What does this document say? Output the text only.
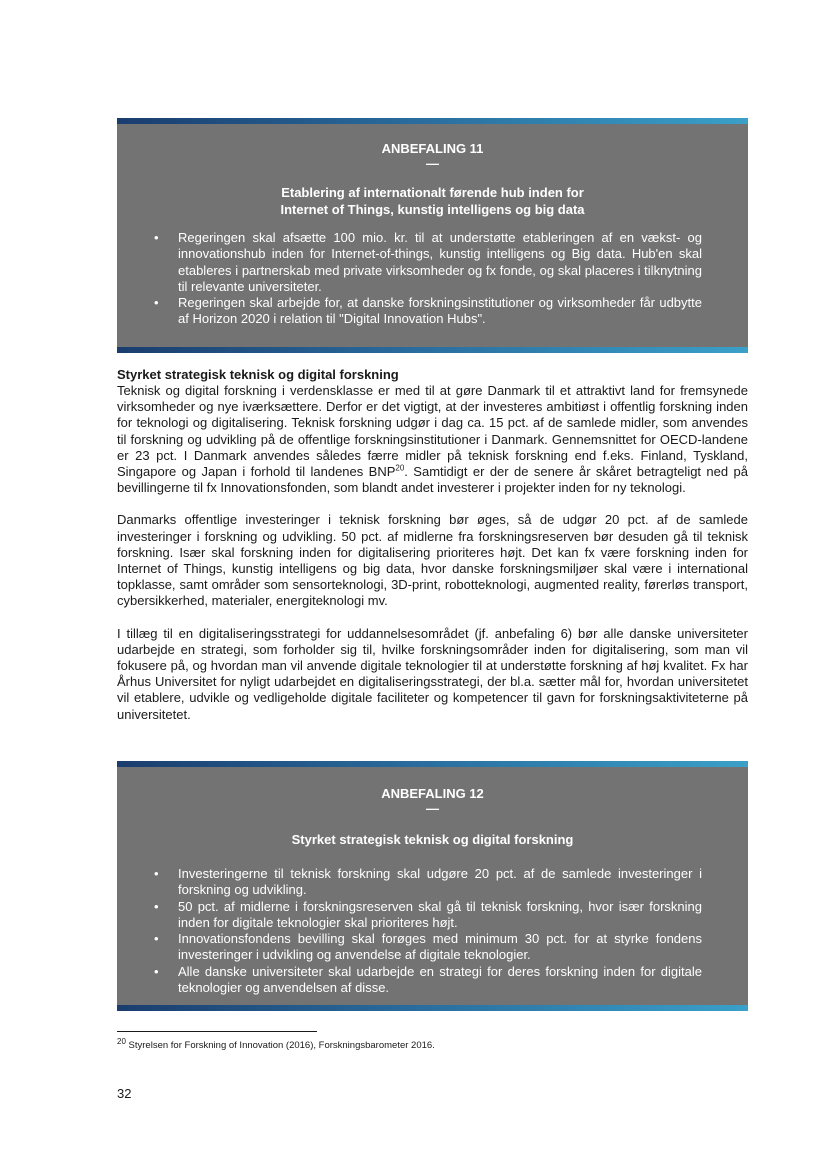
ANBEFALING 11
—
Etablering af internationalt førende hub inden for
Internet of Things, kunstig intelligens og big data
• Regeringen skal afsætte 100 mio. kr. til at understøtte etableringen af en vækst- og innovationshub inden for Internet-of-things, kunstig intelligens og Big data. Hub'en skal etableres i partnerskab med private virksomheder og fx fonde, og skal placeres i tilknytning til relevante universiteter.
• Regeringen skal arbejde for, at danske forskningsinstitutioner og virksomheder får udbytte af Horizon 2020 i relation til "Digital Innovation Hubs".
Styrket strategisk teknisk og digital forskning

Teknisk og digital forskning i verdensklasse er med til at gøre Danmark til et attraktivt land for fremsynede virksomheder og nye iværksættere. Derfor er det vigtigt, at der investeres ambitiøst i offentlig forskning inden for teknologi og digitalisering. Teknisk forskning udgør i dag ca. 15 pct. af de samlede midler, som anvendes til forskning og udvikling på de offentlige forskningsinstitutioner i Danmark. Gennemsnittet for OECD-landene er 23 pct. I Danmark anvendes således færre midler på teknisk forskning end f.eks. Finland, Tyskland, Singapore og Japan i forhold til landenes BNP$^{20}$. Samtidigt er der de senere år skåret betragteligt ned på bevillingerne til fx Innovationsfonden, som blandt andet investerer i projekter inden for ny teknologi.

Danmarks offentlige investeringer i teknisk forskning bør øges, så de udgør 20 pct. af de samlede investeringer i forskning og udvikling. 50 pct. af midlerne fra forskningsreserven bør desuden gå til teknisk forskning. Især skal forskning inden for digitalisering prioriteres højt. Det kan fx være forskning inden for Internet of Things, kunstig intelligens og big data, hvor danske forskningsmiljøer skal være i international topklasse, samt områder som sensorteknologi, 3D-print, robotteknologi, augmented reality, førerløs transport, cybersikkerhed, materialer, energiteknologi mv.

I tillæg til en digitaliseringsstrategi for uddannelsesområdet (jf. anbefaling 6) bør alle danske universiteter udarbejde en strategi, som forholder sig til, hvilke forskningsområder inden for digitalisering, som man vil fokusere på, og hvordan man vil anvende digitale teknologier til at understøtte forskning af høj kvalitet. Fx har Århus Universitet for nyligt udarbejdet en digitaliseringsstrategi, der bl.a. sætter mål for, hvordan universitetet vil etablere, udvikle og vedligeholde digitale faciliteter og kompetencer til gavn for forskningsaktiviteterne på universitetet.

ANBEFALING 12
—
Styrket strategisk teknisk og digital forskning
• Investeringerne til teknisk forskning skal udgøre 20 pct. af de samlede investeringer i forskning og udvikling.
• 50 pct. af midlerne i forskningsreserven skal gå til teknisk forskning, hvor især forskning inden for digitale teknologier skal prioriteres højt.
• Innovationsfondens bevilling skal forøges med minimum 30 pct. for at styrke fondens investeringer i udvikling og anvendelse af digitale teknologier.
• Alle danske universiteter skal udarbejde en strategi for deres forskning inden for digitale teknologier og anvendelsen af disse.
$^{20}$ Styrelsen for Forskning of Innovation (2016), Forskningsbarometer 2016.
32
